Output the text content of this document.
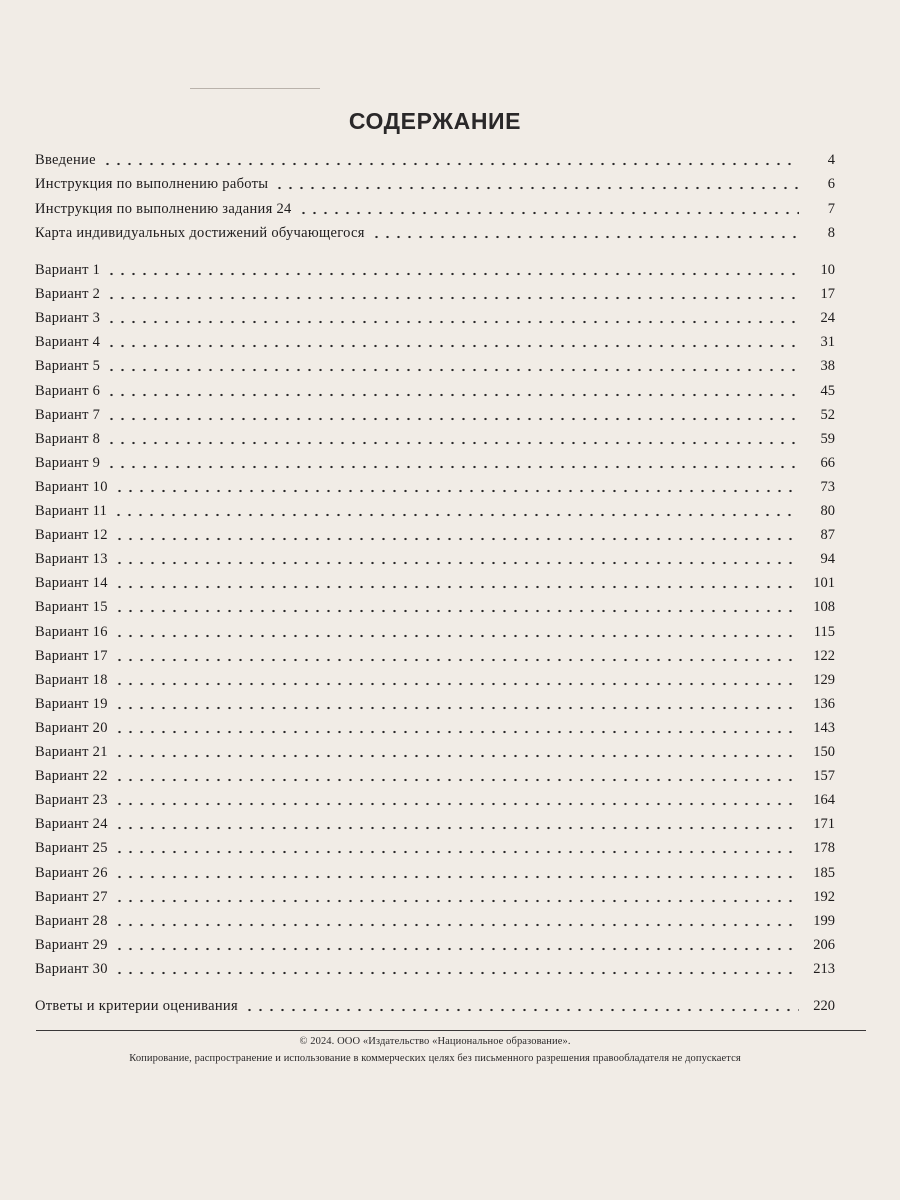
СОДЕРЖАНИЕ
Введение	4
Инструкция по выполнению работы	6
Инструкция по выполнению задания 24	7
Карта индивидуальных достижений обучающегося	8
Вариант 1	10
Вариант 2	17
Вариант 3	24
Вариант 4	31
Вариант 5	38
Вариант 6	45
Вариант 7	52
Вариант 8	59
Вариант 9	66
Вариант 10	73
Вариант 11	80
Вариант 12	87
Вариант 13	94
Вариант 14	101
Вариант 15	108
Вариант 16	115
Вариант 17	122
Вариант 18	129
Вариант 19	136
Вариант 20	143
Вариант 21	150
Вариант 22	157
Вариант 23	164
Вариант 24	171
Вариант 25	178
Вариант 26	185
Вариант 27	192
Вариант 28	199
Вариант 29	206
Вариант 30	213
Ответы и критерии оценивания	220
© 2024. ООО «Издательство «Национальное образование».
Копирование, распространение и использование в коммерческих целях без письменного разрешения правообладателя не допускается
